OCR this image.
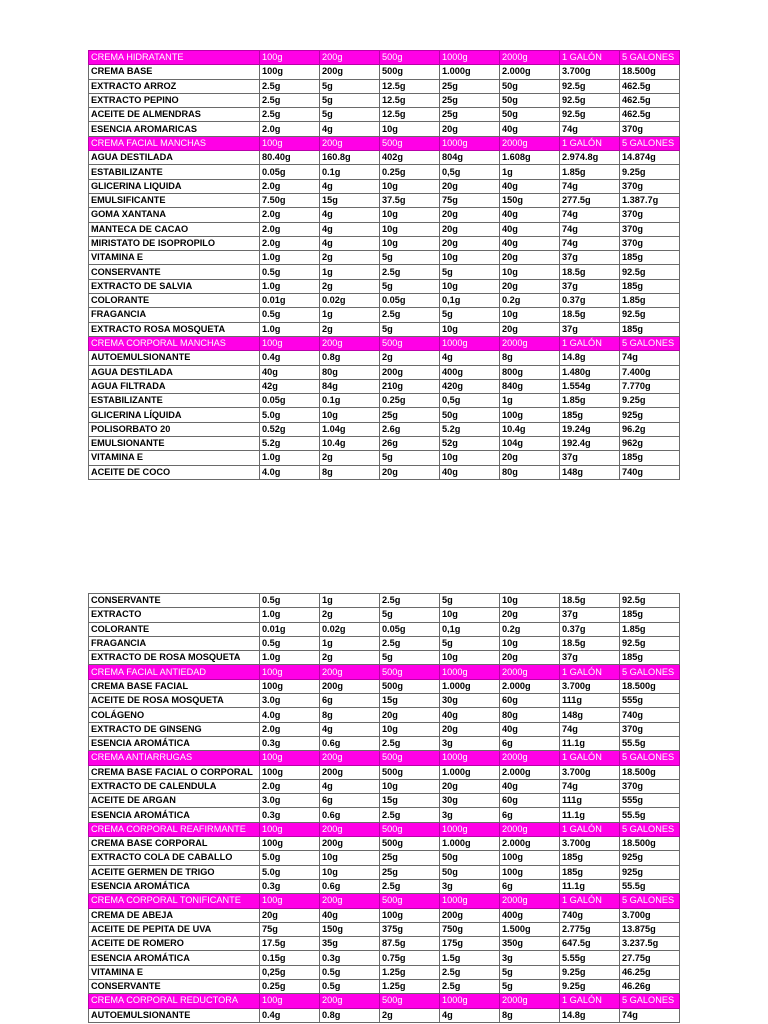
CREMA HIDRATANTE	100g	200g	500g	1000g	2000g	1 GALÓN	5 GALONES
CREMA BASE	100g	200g	500g	1.000g	2.000g	3.700g	18.500g
EXTRACTO ARROZ	2.5g	5g	12.5g	25g	50g	92.5g	462.5g
EXTRACTO PEPINO	2.5g	5g	12.5g	25g	50g	92.5g	462.5g
ACEITE DE ALMENDRAS	2.5g	5g	12.5g	25g	50g	92.5g	462.5g
ESENCIA AROMARICAS	2.0g	4g	10g	20g	40g	74g	370g
CREMA FACIAL MANCHAS	100g	200g	500g	1000g	2000g	1 GALÓN	5 GALONES
AGUA DESTILADA	80.40g	160.8g	402g	804g	1.608g	2.974.8g	14.874g
ESTABILIZANTE	0.05g	0.1g	0.25g	0,5g	1g	1.85g	9.25g
GLICERINA LIQUIDA	2.0g	4g	10g	20g	40g	74g	370g
EMULSIFICANTE	7.50g	15g	37.5g	75g	150g	277.5g	1.387.7g
GOMA XANTANA	2.0g	4g	10g	20g	40g	74g	370g
MANTECA DE CACAO	2.0g	4g	10g	20g	40g	74g	370g
MIRISTATO DE ISOPROPILO	2.0g	4g	10g	20g	40g	74g	370g
VITAMINA E	1.0g	2g	5g	10g	20g	37g	185g
CONSERVANTE	0.5g	1g	2.5g	5g	10g	18.5g	92.5g
EXTRACTO DE SALVIA	1.0g	2g	5g	10g	20g	37g	185g
COLORANTE	0.01g	0.02g	0.05g	0,1g	0.2g	0.37g	1.85g
FRAGANCIA	0.5g	1g	2.5g	5g	10g	18.5g	92.5g
EXTRACTO ROSA MOSQUETA	1.0g	2g	5g	10g	20g	37g	185g
CREMA CORPORAL MANCHAS	100g	200g	500g	1000g	2000g	1 GALÓN	5 GALONES
AUTOEMULSIONANTE	0.4g	0.8g	2g	4g	8g	14.8g	74g
AGUA DESTILADA	40g	80g	200g	400g	800g	1.480g	7.400g
AGUA FILTRADA	42g	84g	210g	420g	840g	1.554g	7.770g
ESTABILIZANTE	0.05g	0.1g	0.25g	0,5g	1g	1.85g	9.25g
GLICERINA LÍQUIDA	5.0g	10g	25g	50g	100g	185g	925g
POLISORBATO 20	0.52g	1.04g	2.6g	5.2g	10.4g	19.24g	96.2g
EMULSIONANTE	5.2g	10.4g	26g	52g	104g	192.4g	962g
VITAMINA E	1.0g	2g	5g	10g	20g	37g	185g
ACEITE DE COCO	4.0g	8g	20g	40g	80g	148g	740g
CONSERVANTE	0.5g	1g	2.5g	5g	10g	18.5g	92.5g
EXTRACTO	1.0g	2g	5g	10g	20g	37g	185g
COLORANTE	0.01g	0.02g	0.05g	0,1g	0.2g	0.37g	1.85g
FRAGANCIA	0.5g	1g	2.5g	5g	10g	18.5g	92.5g
EXTRACTO DE ROSA MOSQUETA	1.0g	2g	5g	10g	20g	37g	185g
CREMA FACIAL ANTIEDAD	100g	200g	500g	1000g	2000g	1 GALÓN	5 GALONES
CREMA BASE FACIAL	100g	200g	500g	1.000g	2.000g	3.700g	18.500g
ACEITE DE ROSA MOSQUETA	3.0g	6g	15g	30g	60g	111g	555g
COLÁGENO	4.0g	8g	20g	40g	80g	148g	740g
EXTRACTO DE GINSENG	2.0g	4g	10g	20g	40g	74g	370g
ESENCIA AROMÁTICA	0.3g	0.6g	2.5g	3g	6g	11.1g	55.5g
CREMA ANTIARRUGAS	100g	200g	500g	1000g	2000g	1 GALÓN	5 GALONES
CREMA BASE FACIAL O CORPORAL	100g	200g	500g	1.000g	2.000g	3.700g	18.500g
EXTRACTO DE CALENDULA	2.0g	4g	10g	20g	40g	74g	370g
ACEITE DE ARGAN	3.0g	6g	15g	30g	60g	111g	555g
ESENCIA AROMÁTICA	0.3g	0.6g	2.5g	3g	6g	11.1g	55.5g
CREMA CORPORAL REAFIRMANTE	100g	200g	500g	1000g	2000g	1 GALÓN	5 GALONES
CREMA BASE CORPORAL	100g	200g	500g	1.000g	2.000g	3.700g	18.500g
EXTRACTO COLA DE CABALLO	5.0g	10g	25g	50g	100g	185g	925g
ACEITE GERMEN DE TRIGO	5.0g	10g	25g	50g	100g	185g	925g
ESENCIA AROMÁTICA	0.3g	0.6g	2.5g	3g	6g	11.1g	55.5g
CREMA CORPORAL TONIFICANTE	100g	200g	500g	1000g	2000g	1 GALÓN	5 GALONES
CREMA DE ABEJA	20g	40g	100g	200g	400g	740g	3.700g
ACEITE DE PEPITA DE UVA	75g	150g	375g	750g	1.500g	2.775g	13.875g
ACEITE DE ROMERO	17.5g	35g	87.5g	175g	350g	647.5g	3.237.5g
ESENCIA AROMÁTICA	0.15g	0.3g	0.75g	1.5g	3g	5.55g	27.75g
VITAMINA E	0,25g	0.5g	1.25g	2.5g	5g	9.25g	46.25g
CONSERVANTE	0.25g	0.5g	1.25g	2.5g	5g	9.25g	46.26g
CREMA CORPORAL REDUCTORA	100g	200g	500g	1000g	2000g	1 GALÓN	5 GALONES
AUTOEMULSIONANTE	0.4g	0.8g	2g	4g	8g	14.8g	74g
